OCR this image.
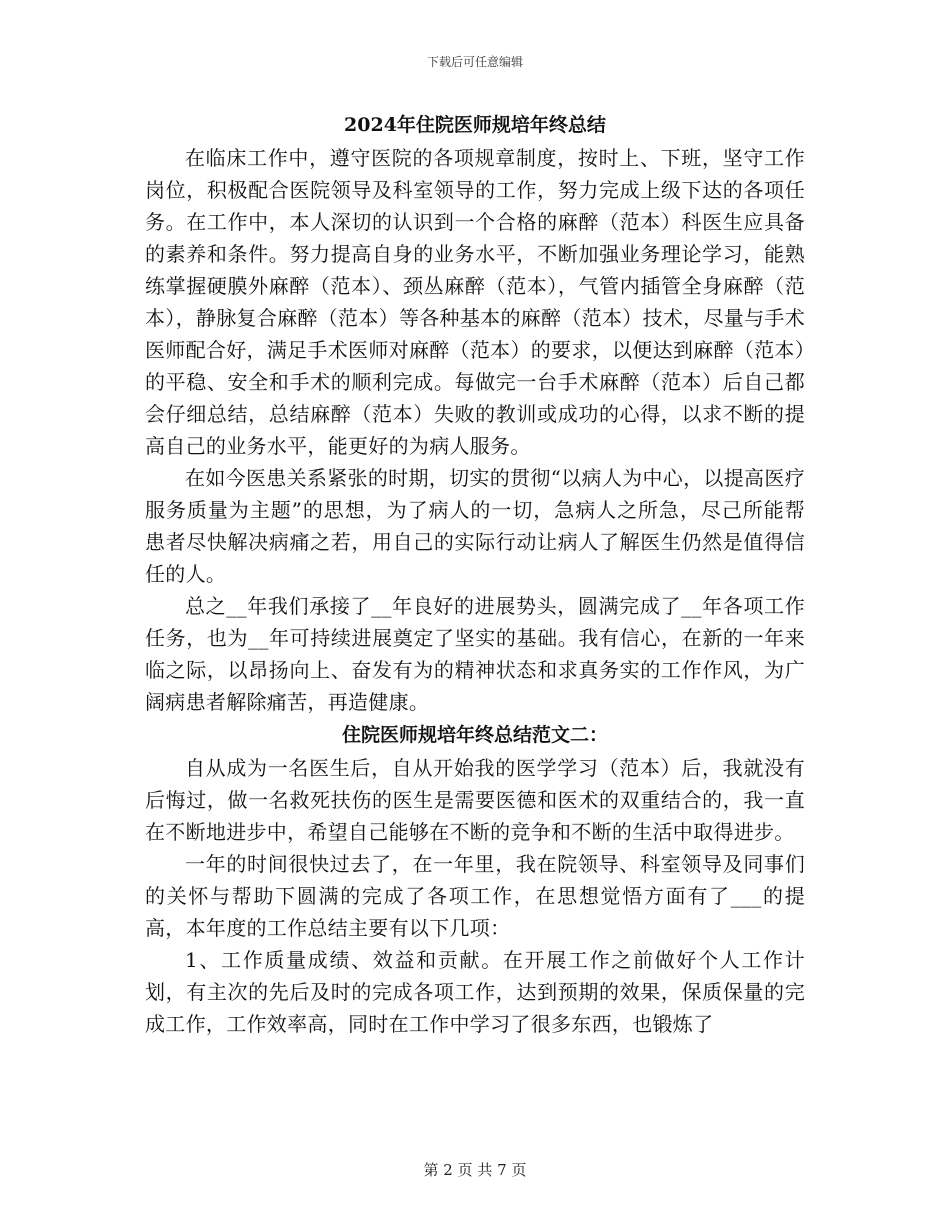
下载后可任意编辑
2024年住院医师规培年终总结

在临床工作中，遵守医院的各项规章制度，按时上、下班，坚守工作岗位，积极配合医院领导及科室领导的工作，努力完成上级下达的各项任务。在工作中，本人深切的认识到一个合格的麻醉（范本）科医生应具备的素养和条件。努力提高自身的业务水平，不断加强业务理论学习，能熟练掌握硬膜外麻醉（范本）、颈丛麻醉（范本），气管内插管全身麻醉（范本），静脉复合麻醉（范本）等各种基本的麻醉（范本）技术，尽量与手术医师配合好，满足手术医师对麻醉（范本）的要求，以便达到麻醉（范本）的平稳、安全和手术的顺利完成。每做完一台手术麻醉（范本）后自己都会仔细总结，总结麻醉（范本）失败的教训或成功的心得，以求不断的提高自己的业务水平，能更好的为病人服务。

在如今医患关系紧张的时期，切实的贯彻“以病人为中心，以提高医疗服务质量为主题”的思想，为了病人的一切，急病人之所急，尽己所能帮患者尽快解决病痛之若，用自己的实际行动让病人了解医生仍然是值得信任的人。

总之__年我们承接了__年良好的进展势头，圆满完成了__年各项工作任务，也为__年可持续进展奠定了坚实的基础。我有信心，在新的一年来临之际，以昂扬向上、奋发有为的精神状态和求真务实的工作作风，为广阔病患者解除痛苦，再造健康。

住院医师规培年终总结范文二：

自从成为一名医生后，自从开始我的医学学习（范本）后，我就没有后悔过，做一名救死扶伤的医生是需要医德和医术的双重结合的，我一直在不断地进步中，希望自己能够在不断的竞争和不断的生活中取得进步。

一年的时间很快过去了，在一年里，我在院领导、科室领导及同事们的关怀与帮助下圆满的完成了各项工作，在思想觉悟方面有了___的提高，本年度的工作总结主要有以下几项：

1、工作质量成绩、效益和贡献。在开展工作之前做好个人工作计划，有主次的先后及时的完成各项工作，达到预期的效果，保质保量的完成工作，工作效率高，同时在工作中学习了很多东西，也锻炼了

第 2 页 共 7 页
